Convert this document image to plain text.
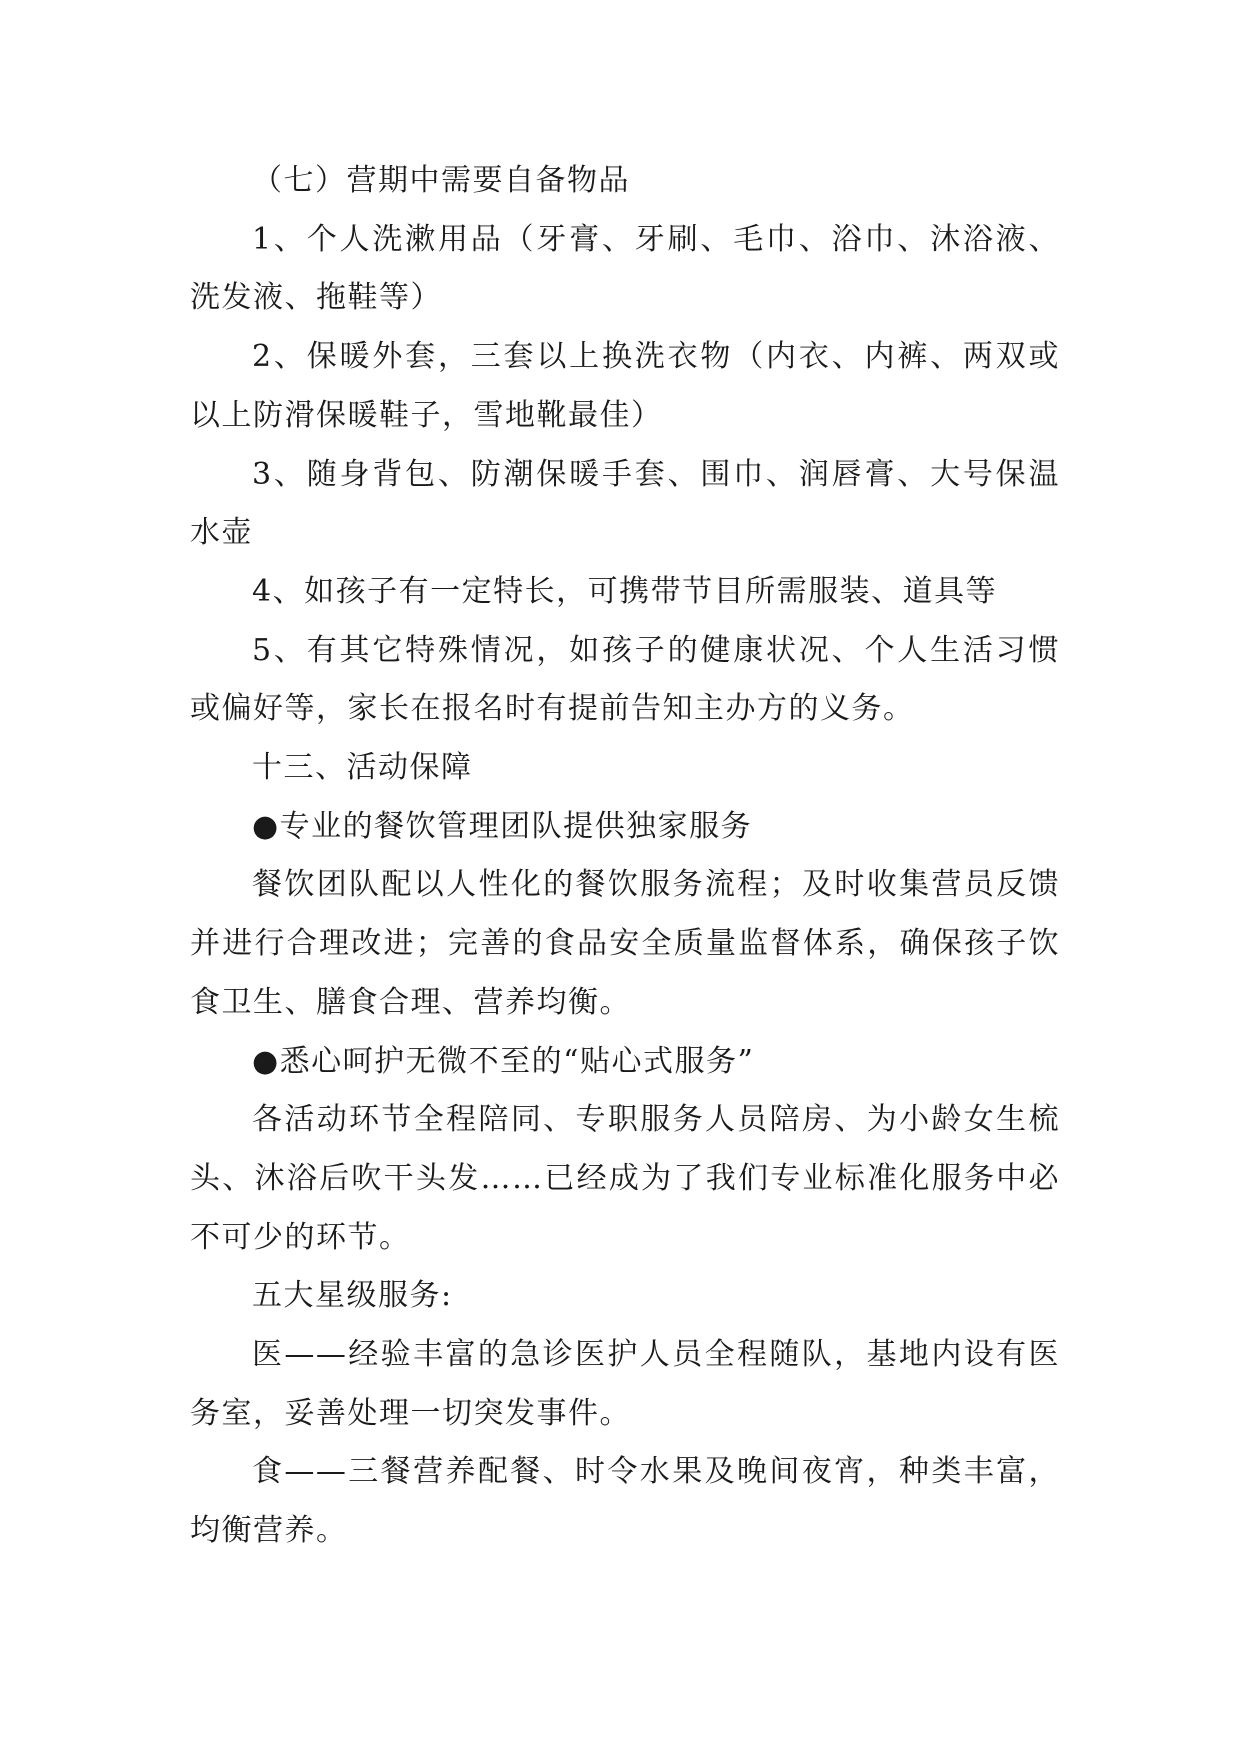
（七）营期中需要自备物品

1、个人洗漱用品（牙膏、牙刷、毛巾、浴巾、沐浴液、洗发液、拖鞋等）

2、保暖外套，三套以上换洗衣物（内衣、内裤、两双或以上防滑保暖鞋子，雪地靴最佳）

3、随身背包、防潮保暖手套、围巾、润唇膏、大号保温水壶

4、如孩子有一定特长，可携带节目所需服装、道具等

5、有其它特殊情况，如孩子的健康状况、个人生活习惯或偏好等，家长在报名时有提前告知主办方的义务。

十三、活动保障

●专业的餐饮管理团队提供独家服务

餐饮团队配以人性化的餐饮服务流程；及时收集营员反馈并进行合理改进；完善的食品安全质量监督体系，确保孩子饮食卫生、膳食合理、营养均衡。

●悉心呵护无微不至的“贴心式服务”

各活动环节全程陪同、专职服务人员陪房、为小龄女生梳头、沐浴后吹干头发……已经成为了我们专业标准化服务中必不可少的环节。

五大星级服务:

医——经验丰富的急诊医护人员全程随队，基地内设有医务室，妥善处理一切突发事件。

食——三餐营养配餐、时令水果及晚间夜宵，种类丰富，均衡营养。
